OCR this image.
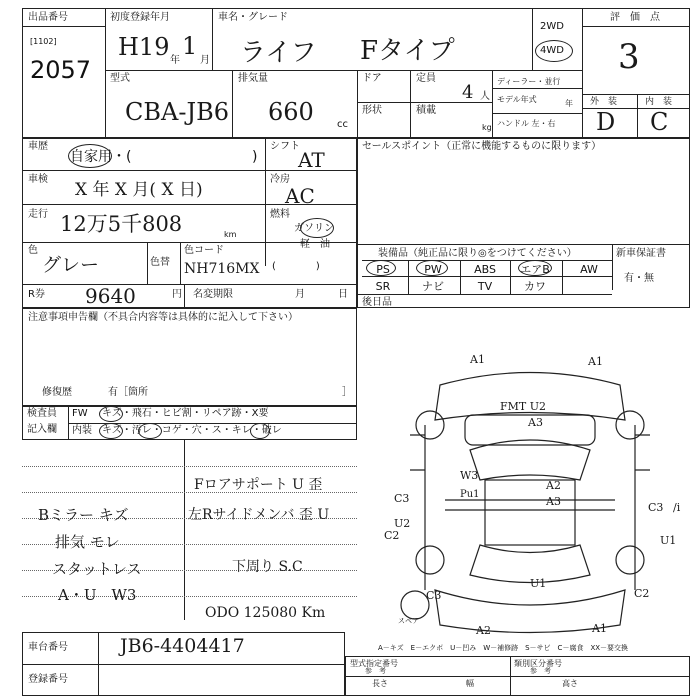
出品番号
[1102]
2057
初度登録年月
H19 年
1
月
車名・グレード
ライフ Fタイプ
2WD
4WD
評　価　点
3
外　装	内　装
D C
型式
CBA-JB6
排気量
660 cc
ドア	定員
4 人
形状	積載
kg
ディーラー・並行
モデル年式	年
ハンドル 左・右
車歴
自家用・(	)
シフト
AT
車検
X 年 X 月( X 日)
冷房
AC
走行 12万5千808	km
燃料
ガソリン
軽　油
(　　　　)
色
グレー	色替
色コード
NH716MX
R券 9640	円 名変期限	月	日
セールスポイント（正常に機能するものに限ります）
装備品（純正品に限り◎をつけてください）	新車保証書
有・無
PS	PW	ABS	エアB	AW
SR	ナビ	TV	カワ
後日品
注意事項申告欄（不具合内容等は具体的に記入して下さい）
修復歴	有［箇所	］
検査員
記入欄
FW キズ・飛石・ヒビ割・リペア跡・X要
内装 キズ・汚レ・コゲ・穴・ス・キレ・破レ
Bミラー キズ
排気 モレ
スタットレス
A・U　W3
Fロアサポート U 歪
左Rサイドメンバ 歪 U
下周り S.C
ODO 125080 Km
A1	A1
FMT U2
A3
W3
Pu1
A2
A3
C3
U2
C2
C3 /i
U1
U1
C3
スペア
A2
C2
A1
A－キズ　E－エクボ　U－凹み　W－補修跡　S－サビ　C－腐食　XX－要交換
車台番号	JB6-4404417
登録番号
型式指定番号
参　考
類別区分番号
参　考
長さ	幅	高さ
